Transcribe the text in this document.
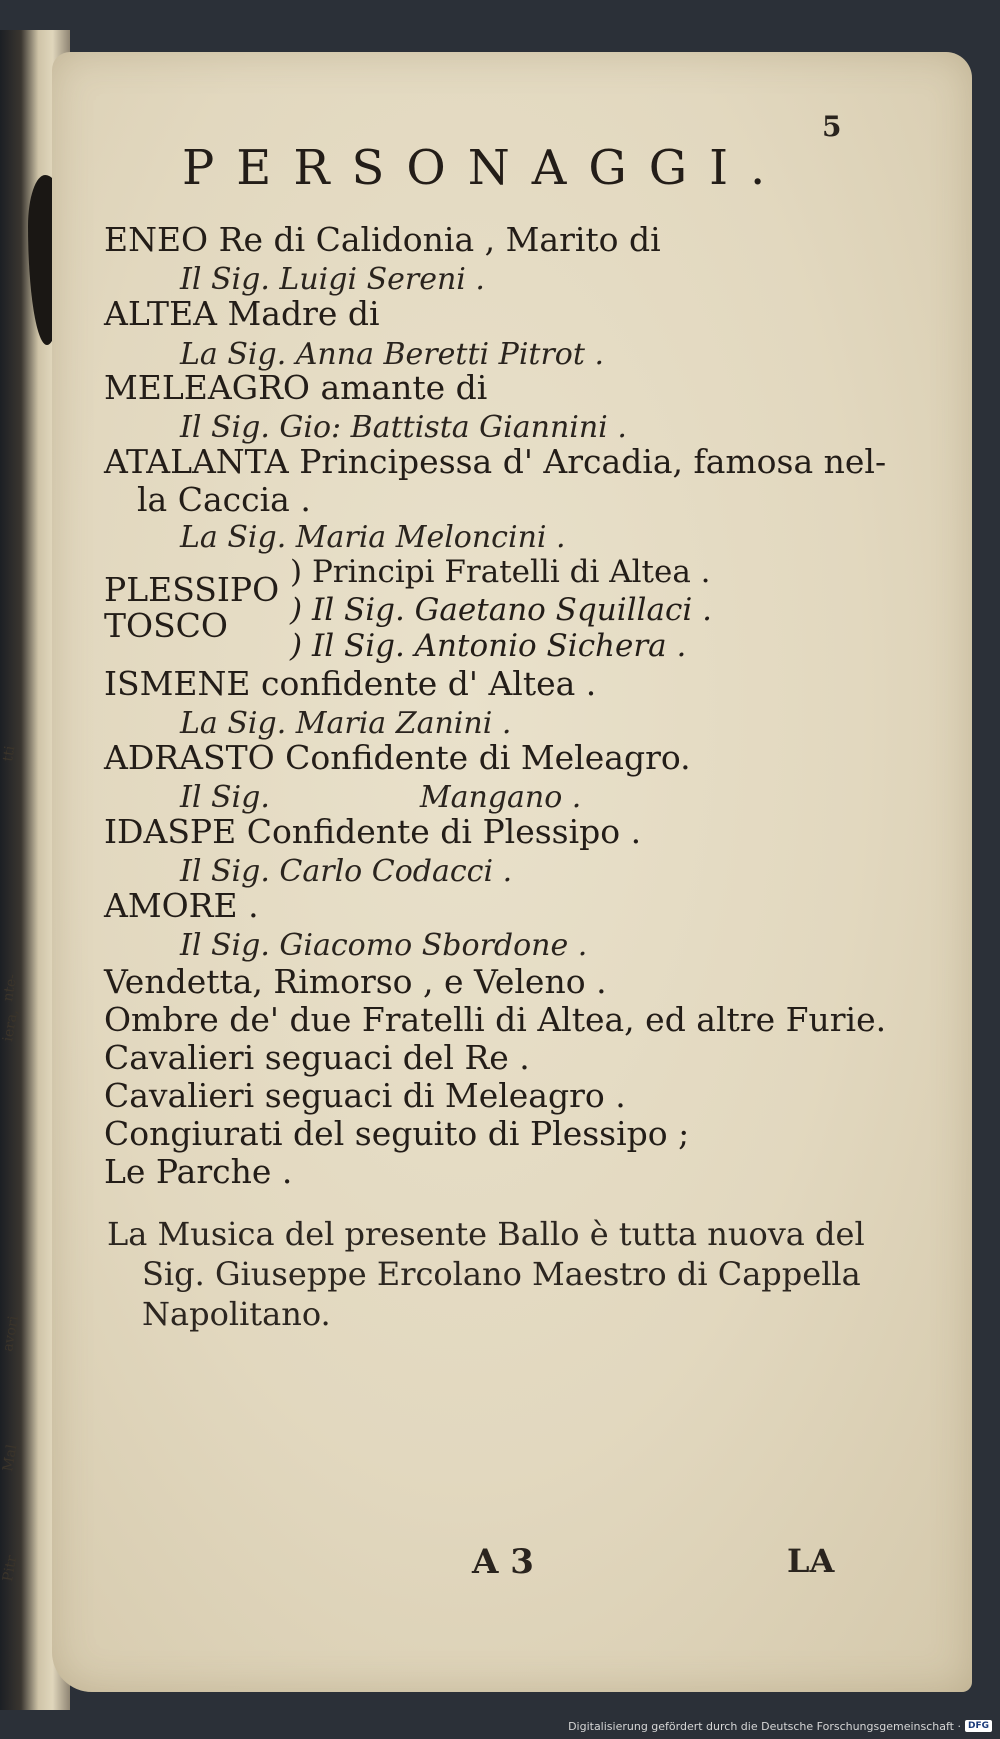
tti
nte-
iera,
avori
Mal
Pitr
5
PERSONAGGI.
ENEO Re di Calidonia , Marito di
Il Sig. Luigi Sereni .
ALTEA Madre di
La Sig. Anna Beretti Pitrot .
MELEAGRO amante di
Il Sig. Gio: Battista Giannini .
ATALANTA Principessa d' Arcadia, famosa nel-
la Caccia .
La Sig. Maria Meloncini .
PLESSIPO
TOSCO
) Principi Fratelli di Altea .
) Il Sig. Gaetano Squillaci .
) Il Sig. Antonio Sichera .
ISMENE confidente d' Altea .
La Sig. Maria Zanini .
ADRASTO Confidente di Meleagro.
Il Sig.	Mangano .
IDASPE Confidente di Plessipo .
Il Sig. Carlo Codacci .
AMORE .
Il Sig. Giacomo Sbordone .
Vendetta, Rimorso , e Veleno .
Ombre de' due Fratelli di Altea, ed altre Furie.
Cavalieri seguaci del Re .
Cavalieri seguaci di Meleagro .
Congiurati del seguito di Plessipo ;
Le Parche .
La Musica del presente Ballo è tutta nuova del
Sig. Giuseppe Ercolano Maestro di Cappella
Napolitano.
A 3	LA
Digitalisierung gefördert durch die Deutsche Forschungsgemeinschaft · DFG
